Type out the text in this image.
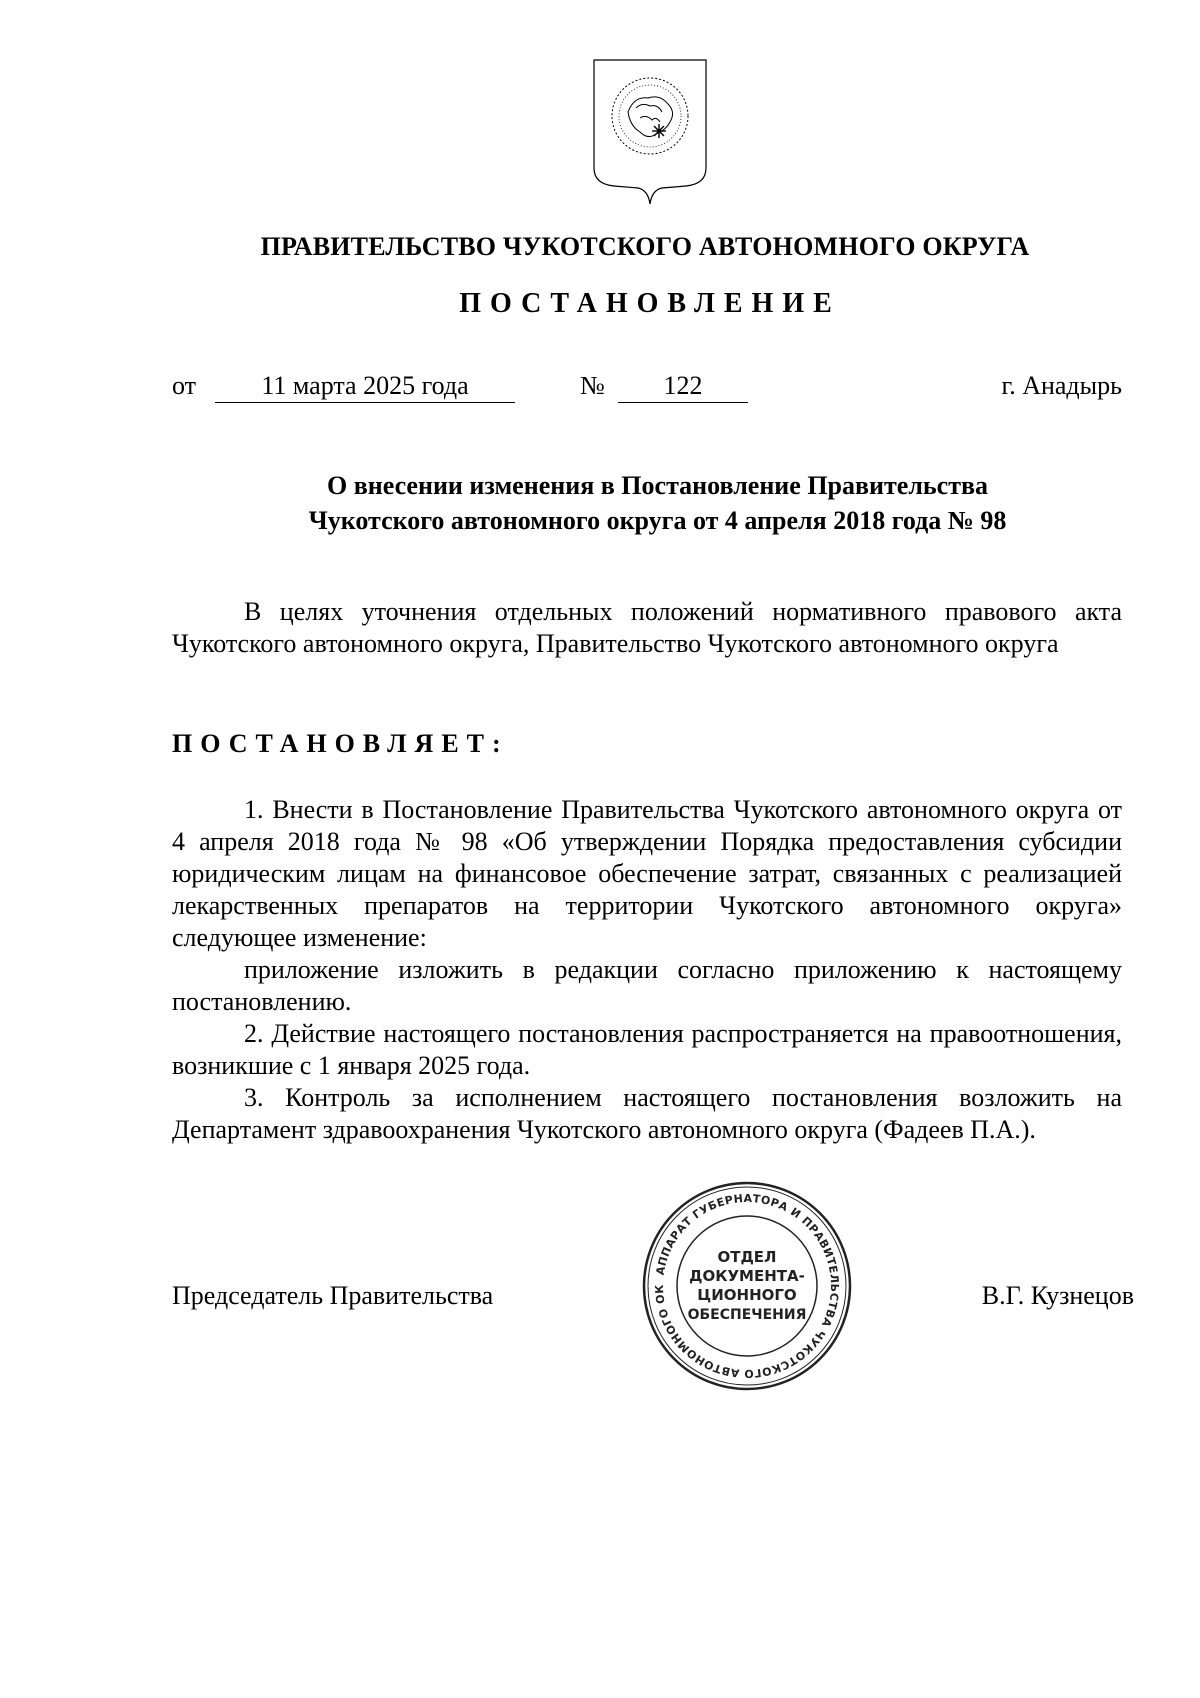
ПРАВИТЕЛЬСТВО ЧУКОТСКОГО АВТОНОМНОГО ОКРУГА
ПОСТАНОВЛЕНИЕ
от	11 марта 2025 года	№	122	г. Анадырь
О внесении изменения в Постановление Правительства
Чукотского автономного округа от 4 апреля 2018 года № 98
В целях уточнения отдельных положений нормативного правового акта Чукотского автономного округа, Правительство Чукотского автономного округа
ПОСТАНОВЛЯЕТ:

1. Внести в Постановление Правительства Чукотского автономного округа от 4 апреля 2018 года № 98 «Об утверждении Порядка предоставления субсидии юридическим лицам на финансовое обеспечение затрат, связанных с реализацией лекарственных препаратов на территории Чукотского автономного округа» следующее изменение:

приложение изложить в редакции согласно приложению к настоящему постановлению.

2. Действие настоящего постановления распространяется на правоотношения, возникшие с 1 января 2025 года.

3. Контроль за исполнением настоящего постановления возложить на Департамент здравоохранения Чукотского автономного округа (Фадеев П.А.).

Председатель Правительства	В.Г. Кузнецов
АППАРАТ ГУБЕРНАТОРА И ПРАВИТЕЛЬСТВА ЧУКОТСКОГО АВТОНОМНОГО ОК
ОТДЕЛ
ДОКУМЕНТА-
ЦИОННОГО
ОБЕСПЕЧЕНИЯ
